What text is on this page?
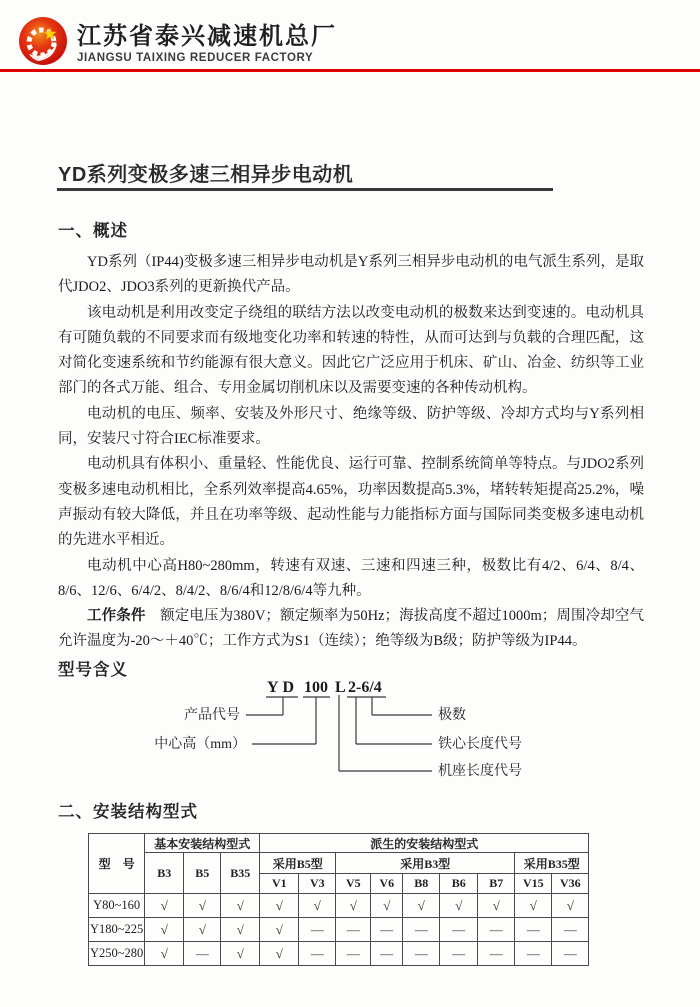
江苏省泰兴减速机总厂
JIANGSU TAIXING REDUCER FACTORY
YD系列变极多速三相异步电动机
一、概述

YD系列（IP44)变极多速三相异步电动机是Y系列三相异步电动机的电气派生系列，是取代JDO2、JDO3系列的更新换代产品。

该电动机是利用改变定子绕组的联结方法以改变电动机的极数来达到变速的。电动机具有可随负载的不同要求而有级地变化功率和转速的特性，从而可达到与负载的合理匹配，这对简化变速系统和节约能源有很大意义。因此它广泛应用于机床、矿山、冶金、纺织等工业部门的各式万能、组合、专用金属切削机床以及需要变速的各种传动机构。

电动机的电压、频率、安装及外形尺寸、绝缘等级、防护等级、冷却方式均与Y系列相同，安装尺寸符合IEC标准要求。

电动机具有体积小、重量轻、性能优良、运行可靠、控制系统简单等特点。与JDO2系列变极多速电动机相比，全系列效率提高4.65%，功率因数提高5.3%，堵转转矩提高25.2%，噪声振动有较大降低，并且在功率等级、起动性能与力能指标方面与国际同类变极多速电动机的先进水平相近。

电动机中心高H80~280mm，转速有双速、三速和四速三种，极数比有4/2、6/4、8/4、8/6、12/6、6/4/2、8/4/2、8/6/4和12/8/6/4等九种。

工作条件　额定电压为380V；额定频率为50Hz；海拔高度不超过1000m；周围冷却空气允许温度为-20～＋40℃；工作方式为S1（连续）；绝等级为B级；防护等级为IP44。

型号含义
YD 100 L 2-6/4
产品代号
中心高（mm）
极数
铁心长度代号
机座长度代号
二、安装结构型式
型　号	基本安装结构型式			派生的安装结构型式								
	B3	B5	B35	采用B5型		采用B3型					采用B35型	
				V1	V3	V5	V6	B8	B6	B7	V15	V36
Y80~160	√	√	√	√	√	√	√	√	√	√	√	√
Y180~225	√	√	√	√	—	—	—	—	—	—	—	—
Y250~280	√	—	√	√	—	—	—	—	—	—	—	—
